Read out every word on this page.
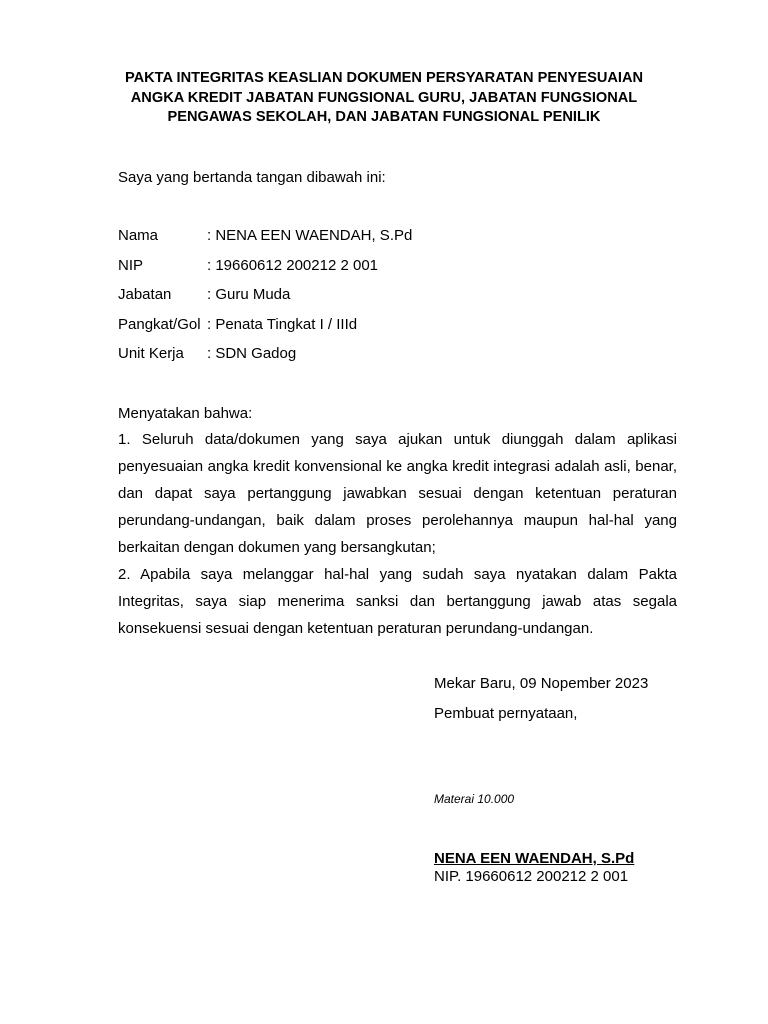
PAKTA INTEGRITAS KEASLIAN DOKUMEN PERSYARATAN PENYESUAIAN
ANGKA KREDIT JABATAN FUNGSIONAL GURU, JABATAN FUNGSIONAL
PENGAWAS SEKOLAH, DAN JABATAN FUNGSIONAL PENILIK
Saya yang bertanda tangan dibawah ini:
Nama	: NENA EEN WAENDAH, S.Pd
NIP	: 19660612 200212 2 001
Jabatan	: Guru Muda
Pangkat/Gol : Penata Tingkat I / IIId
Unit Kerja	: SDN Gadog
Menyatakan bahwa:

1. Seluruh data/dokumen yang saya ajukan untuk diunggah dalam aplikasi penyesuaian angka kredit konvensional ke angka kredit integrasi adalah asli, benar, dan dapat saya pertanggung jawabkan sesuai dengan ketentuan peraturan perundang-undangan, baik dalam proses perolehannya maupun hal-hal yang berkaitan dengan dokumen yang bersangkutan;

2. Apabila saya melanggar hal-hal yang sudah saya nyatakan dalam Pakta Integritas, saya siap menerima sanksi dan bertanggung jawab atas segala konsekuensi sesuai dengan ketentuan peraturan perundang-undangan.

Mekar Baru, 09 Nopember 2023
Pembuat pernyataan,
Materai 10.000
NENA EEN WAENDAH, S.Pd
NIP. 19660612 200212 2 001
